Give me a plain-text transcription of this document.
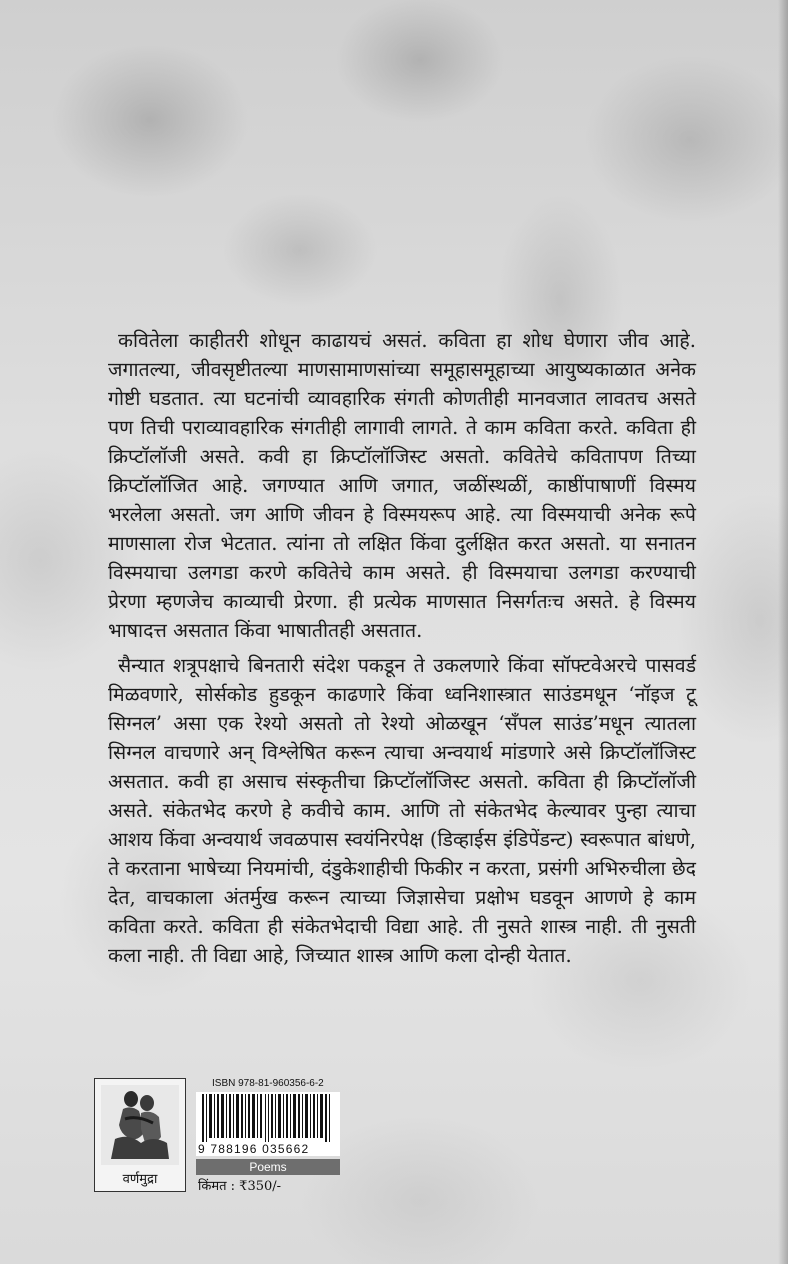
कवितेला काहीतरी शोधून काढायचं असतं. कविता हा शोध घेणारा जीव आहे. जगातल्या, जीवसृष्टीतल्या माणसामाणसांच्या समूहासमूहाच्या आयुष्यकाळात अनेक गोष्टी घडतात. त्या घटनांची व्यावहारिक संगती कोणतीही मानवजात लावतच असते पण तिची पराव्यावहारिक संगतीही लागावी लागते. ते काम कविता करते. कविता ही क्रिप्टॉलॉजी असते. कवी हा क्रिप्टॉलॉजिस्ट असतो. कवितेचे कवितापण तिच्या क्रिप्टॉलॉजित आहे. जगण्यात आणि जगात, जळींस्थळीं, काष्ठींपाषाणीं विस्मय भरलेला असतो. जग आणि जीवन हे विस्मयरूप आहे. त्या विस्मयाची अनेक रूपे माणसाला रोज भेटतात. त्यांना तो लक्षित किंवा दुर्लक्षित करत असतो. या सनातन विस्मयाचा उलगडा करणे कवितेचे काम असते. ही विस्मयाचा उलगडा करण्याची प्रेरणा म्हणजेच काव्याची प्रेरणा. ही प्रत्येक माणसात निसर्गतःच असते. हे विस्मय भाषादत्त असतात किंवा भाषातीतही असतात.

सैन्यात शत्रूपक्षाचे बिनतारी संदेश पकडून ते उकलणारे किंवा सॉफ्टवेअरचे पासवर्ड मिळवणारे, सोर्सकोड हुडकून काढणारे किंवा ध्वनिशास्त्रात साउंडमधून ‘नॉइज टू सिग्नल’ असा एक रेश्यो असतो तो रेश्यो ओळखून ‘सँपल साउंड’मधून त्यातला सिग्नल वाचणारे अन् विश्लेषित करून त्याचा अन्वयार्थ मांडणारे असे क्रिप्टॉलॉजिस्ट असतात. कवी हा असाच संस्कृतीचा क्रिप्टॉलॉजिस्ट असतो. कविता ही क्रिप्टॉलॉजी असते. संकेतभेद करणे हे कवीचे काम. आणि तो संकेतभेद केल्यावर पुन्हा त्याचा आशय किंवा अन्वयार्थ जवळपास स्वयंनिरपेक्ष (डिव्हाईस इंडिपेंडन्ट) स्वरूपात बांधणे, ते करताना भाषेच्या नियमांची, दंडुकेशाहीची फिकीर न करता, प्रसंगी अभिरुचीला छेद देत, वाचकाला अंतर्मुख करून त्याच्या जिज्ञासेचा प्रक्षोभ घडवून आणणे हे काम कविता करते. कविता ही संकेतभेदाची विद्या आहे. ती नुसते शास्त्र नाही. ती नुसती कला नाही. ती विद्या आहे, जिच्यात शास्त्र आणि कला दोन्ही येतात.

वर्णमुद्रा
ISBN 978-81-960356-6-2
9 788196 035662
Poems
किंमत : ₹350/-
